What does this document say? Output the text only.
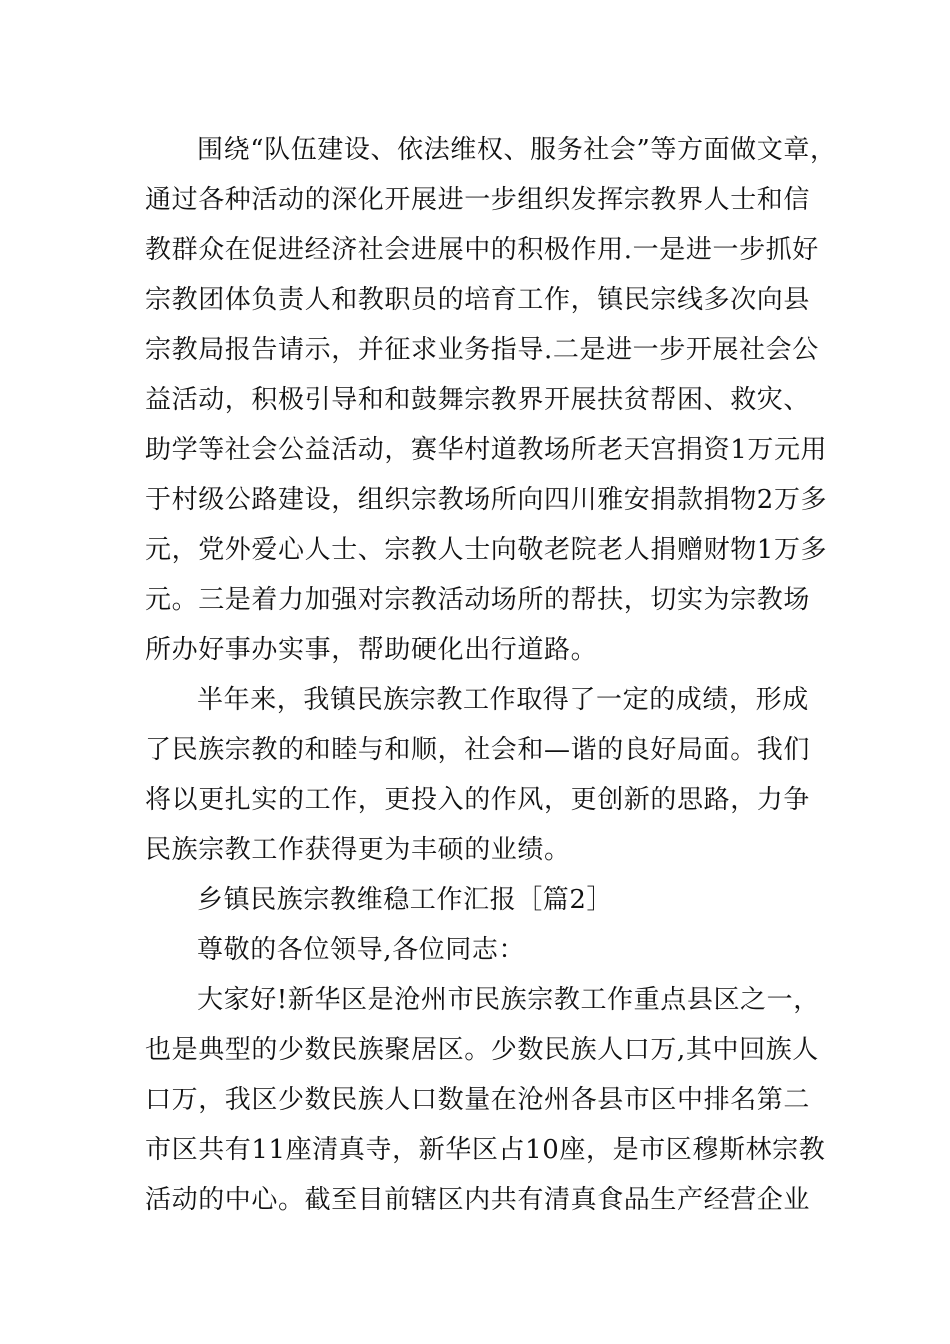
围绕“队伍建设、依法维权、服务社会”等方面做文章，
通过各种活动的深化开展进一步组织发挥宗教界人士和信
教群众在促进经济社会进展中的积极作用.一是进一步抓好
宗教团体负责人和教职员的培育工作，镇民宗线多次向县
宗教局报告请示，并征求业务指导.二是进一步开展社会公
益活动，积极引导和和鼓舞宗教界开展扶贫帮困、救灾、
助学等社会公益活动，赛华村道教场所老天宫捐资1万元用
于村级公路建设，组织宗教场所向四川雅安捐款捐物2万多
元，党外爱心人士、宗教人士向敬老院老人捐赠财物1万多
元。三是着力加强对宗教活动场所的帮扶，切实为宗教场
所办好事办实事，帮助硬化出行道路。
半年来，我镇民族宗教工作取得了一定的成绩，形成
了民族宗教的和睦与和顺，社会和—谐的良好局面。我们
将以更扎实的工作，更投入的作风，更创新的思路，力争
民族宗教工作获得更为丰硕的业绩。
乡镇民族宗教维稳工作汇报［篇2］
尊敬的各位领导,各位同志：
大家好!新华区是沧州市民族宗教工作重点县区之一，
也是典型的少数民族聚居区。少数民族人口万,其中回族人
口万，我区少数民族人口数量在沧州各县市区中排名第二
市区共有11座清真寺，新华区占10座，是市区穆斯林宗教
活动的中心。截至目前辖区内共有清真食品生产经营企业
